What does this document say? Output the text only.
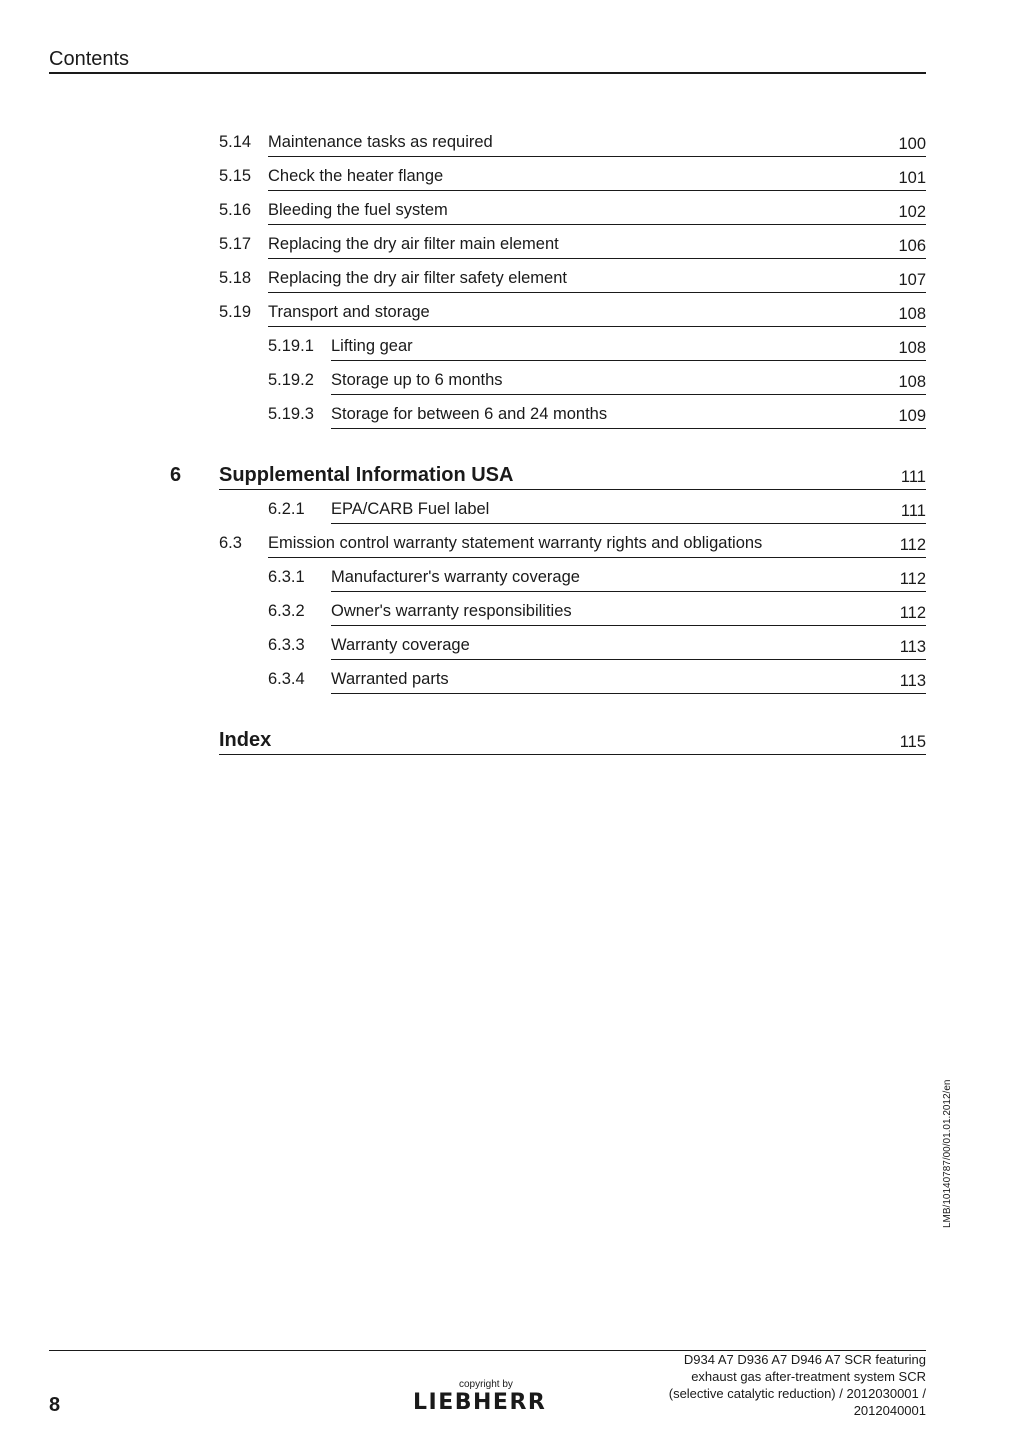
Contents
5.14 Maintenance tasks as required	100
5.15 Check the heater flange	101
5.16 Bleeding the fuel system	102
5.17 Replacing the dry air filter main element	106
5.18 Replacing the dry air filter safety element	107
5.19 Transport and storage	108
5.19.1 Lifting gear	108
5.19.2 Storage up to 6 months	108
5.19.3 Storage for between 6 and 24 months	109
6 Supplemental Information USA	111
6.2.1 EPA/CARB Fuel label	111
6.3 Emission control warranty statement warranty rights and obligations	112
6.3.1 Manufacturer's warranty coverage	112
6.3.2 Owner's warranty responsibilities	112
6.3.3 Warranty coverage	113
6.3.4 Warranted parts	113
Index	115
LMB/10140787/00/01.01.2012/en
8
copyright by
LIEBHERR
D934 A7 D936 A7 D946 A7 SCR featuring
exhaust gas after-treatment system SCR
(selective catalytic reduction) / 2012030001 /
2012040001
